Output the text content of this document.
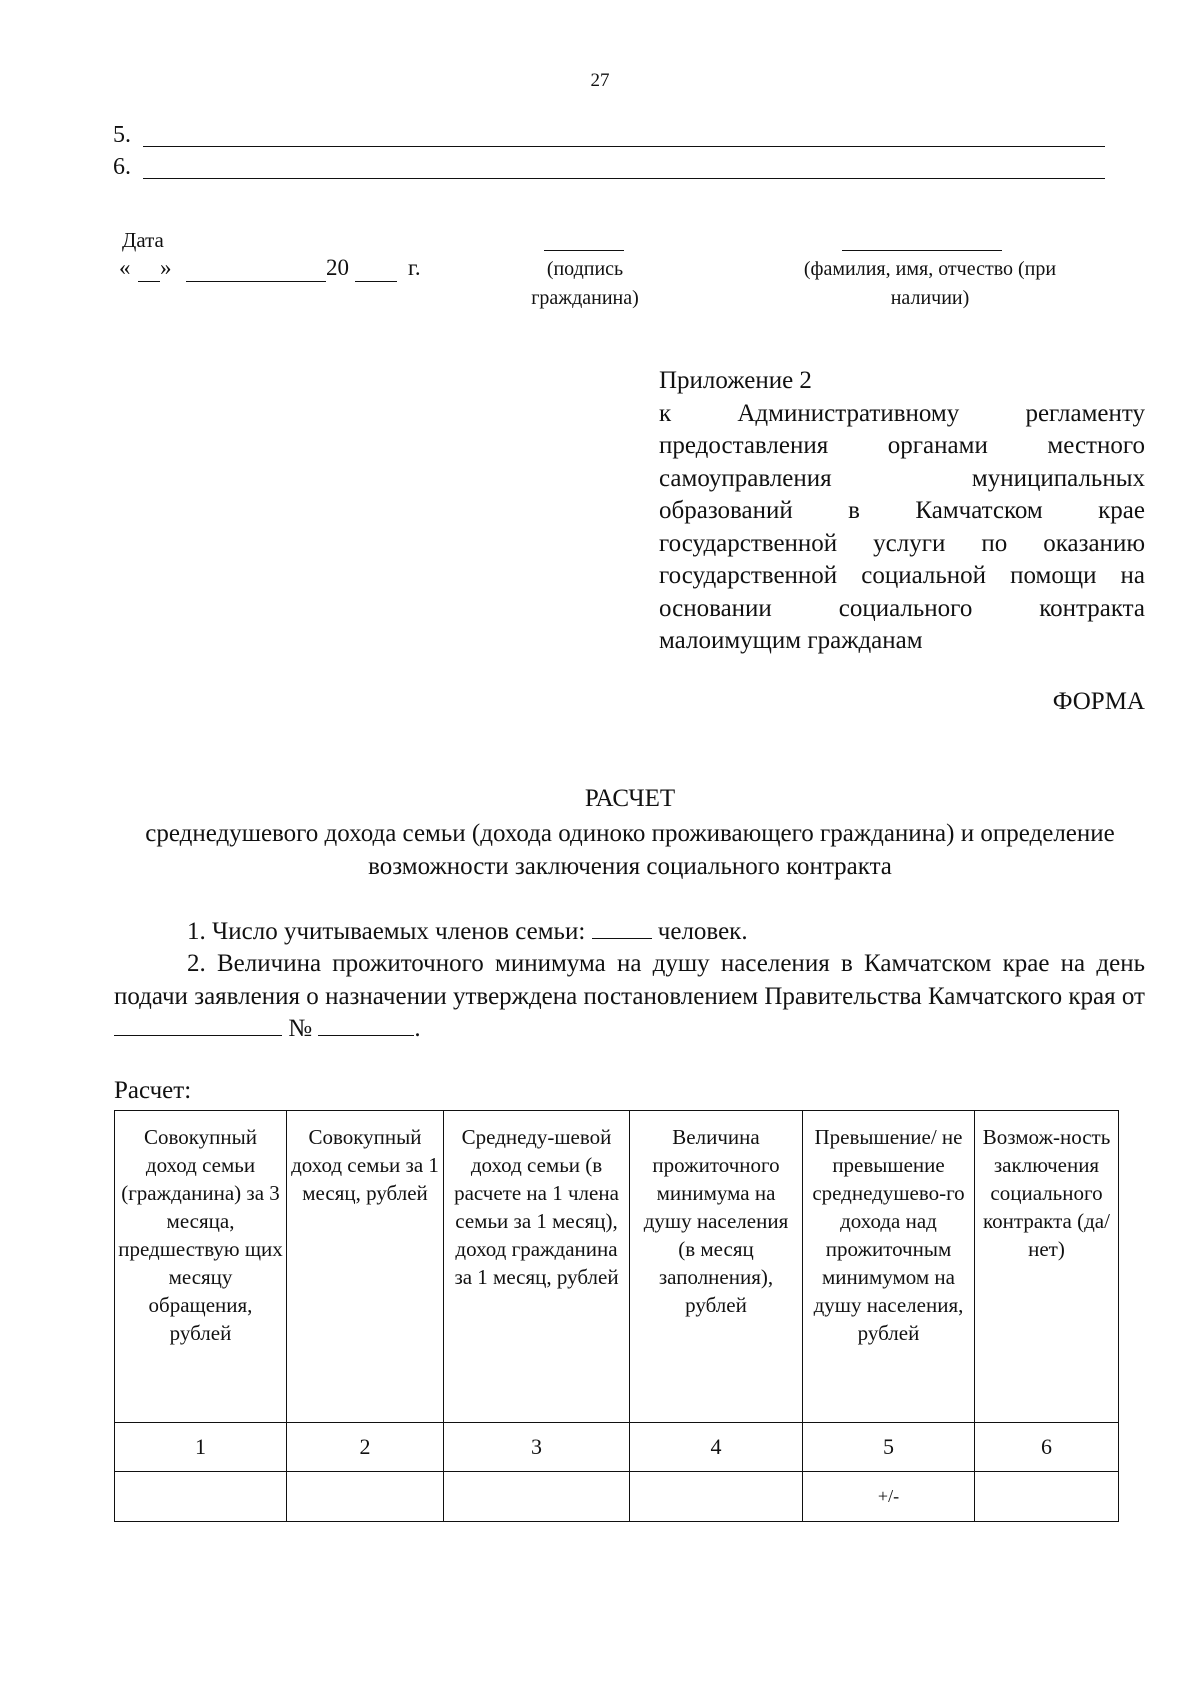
27
5.
6.
Дата
« »	20	г.	(подпись гражданина)
(фамилия, имя, отчество (при наличии)
Приложение 2
к Административному регламенту предоставления органами местного самоуправления муниципальных образований в Камчатском крае государственной услуги по оказанию государственной социальной помощи на основании социального контракта малоимущим гражданам
ФОРМА
РАСЧЕТ
среднедушевого дохода семьи (дохода одиноко проживающего гражданина) и определение возможности заключения социального контракта
1. Число учитываемых членов семьи:	человек.
2. Величина прожиточного минимума на душу населения в Камчатском крае на день подачи заявления о назначении утверждена постановлением Правительства Камчатского края от  №	.
Расчет:
Совокупный доход семьи (гражданина) за 3 месяца, предшествую щих месяцу обращения, рублей	Совокупный доход семьи за 1 месяц, рублей	Среднеду-шевой доход семьи (в расчете на 1 члена семьи за 1 месяц), доход гражданина за 1 месяц, рублей	Величина прожиточного минимума на душу населения (в месяц заполнения), рублей	Превышение/ не превышение среднедушево-го дохода над прожиточным минимумом на душу населения, рублей	Возмож-ность заключения социального контракта (да/нет)
1	2	3	4	5	6
				+/-	
